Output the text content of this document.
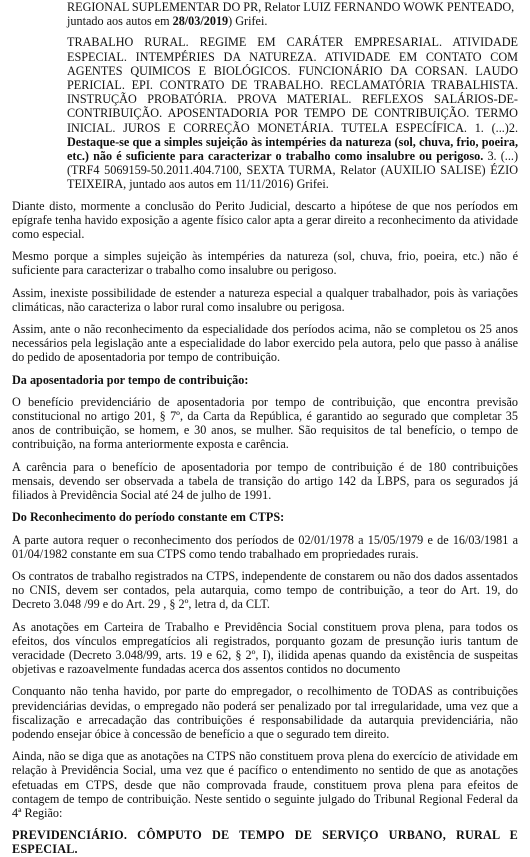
REGIONAL SUPLEMENTAR DO PR, Relator LUIZ FERNANDO WOWK PENTEADO,

juntado aos autos em 28/03/2019) Grifei.

TRABALHO RURAL. REGIME EM CARÁTER EMPRESARIAL. ATIVIDADE ESPECIAL. INTEMPÉRIES DA NATUREZA. ATIVIDADE EM CONTATO COM AGENTES QUIMICOS E BIOLÓGICOS. FUNCIONÁRIO DA CORSAN. LAUDO PERICIAL. EPI. CONTRATO DE TRABALHO. RECLAMATÓRIA TRABALHISTA. INSTRUÇÃO PROBATÓRIA. PROVA MATERIAL. REFLEXOS SALÁRIOS-DE-CONTRIBUIÇÃO. APOSENTADORIA POR TEMPO DE CONTRIBUIÇÃO. TERMO INICIAL. JUROS E CORREÇÃO MONETÁRIA. TUTELA ESPECÍFICA. 1. (...)2. Destaque-se que a simples sujeição às intempéries da natureza (sol, chuva, frio, poeira, etc.) não é suficiente para caracterizar o trabalho como insalubre ou perigoso. 3. (...) (TRF4 5069159-50.2011.404.7100, SEXTA TURMA, Relator (AUXILIO SALISE) ÉZIO TEIXEIRA, juntado aos autos em 11/11/2016) Grifei.

Diante disto, mormente a conclusão do Perito Judicial, descarto a hipótese de que nos períodos em epígrafe tenha havido exposição a agente físico calor apta a gerar direito a reconhecimento da atividade como especial.

Mesmo porque a simples sujeição às intempéries da natureza (sol, chuva, frio, poeira, etc.) não é suficiente para caracterizar o trabalho como insalubre ou perigoso.

Assim, inexiste possibilidade de estender a natureza especial a qualquer trabalhador, pois às variações climáticas, não caracteriza o labor rural como insalubre ou perigosa.

Assim, ante o não reconhecimento da especialidade dos períodos acima, não se completou os 25 anos necessários pela legislação ante a especialidade do labor exercido pela autora, pelo que passo à análise do pedido de aposentadoria por tempo de contribuição.

Da aposentadoria por tempo de contribuição:

O benefício previdenciário de aposentadoria por tempo de contribuição, que encontra previsão constitucional no artigo 201, § 7º, da Carta da República, é garantido ao segurado que completar 35 anos de contribuição, se homem, e 30 anos, se mulher. São requisitos de tal benefício, o tempo de contribuição, na forma anteriormente exposta e carência.

A carência para o benefício de aposentadoria por tempo de contribuição é de 180 contribuições mensais, devendo ser observada a tabela de transição do artigo 142 da LBPS, para os segurados já filiados à Previdência Social até 24 de julho de 1991.

Do Reconhecimento do período constante em CTPS:

A parte autora requer o reconhecimento dos períodos de 02/01/1978 a 15/05/1979 e de 16/03/1981 a 01/04/1982 constante em sua CTPS como tendo trabalhado em propriedades rurais.

Os contratos de trabalho registrados na CTPS, independente de constarem ou não dos dados assentados no CNIS, devem ser contados, pela autarquia, como tempo de contribuição, a teor do Art. 19, do Decreto 3.048 /99 e do Art. 29 , § 2º, letra d, da CLT.

As anotações em Carteira de Trabalho e Previdência Social constituem prova plena, para todos os efeitos, dos vínculos empregatícios ali registrados, porquanto gozam de presunção iuris tantum de veracidade (Decreto 3.048/99, arts. 19 e 62, § 2º, I), ilidida apenas quando da existência de suspeitas objetivas e razoavelmente fundadas acerca dos assentos contidos no documento

Conquanto não tenha havido, por parte do empregador, o recolhimento de TODAS as contribuições previdenciárias devidas, o empregado não poderá ser penalizado por tal irregularidade, uma vez que a fiscalização e arrecadação das contribuições é responsabilidade da autarquia previdenciária, não podendo ensejar óbice à concessão de benefício a que o segurado tem direito.

Ainda, não se diga que as anotações na CTPS não constituem prova plena do exercício de atividade em relação à Previdência Social, uma vez que é pacífico o entendimento no sentido de que as anotações efetuadas em CTPS, desde que não comprovada fraude, constituem prova plena para efeitos de contagem de tempo de contribuição. Neste sentido o seguinte julgado do Tribunal Regional Federal da 4ª Região:

PREVIDENCIÁRIO. CÔMPUTO DE TEMPO DE SERVIÇO URBANO, RURAL E ESPECIAL.
